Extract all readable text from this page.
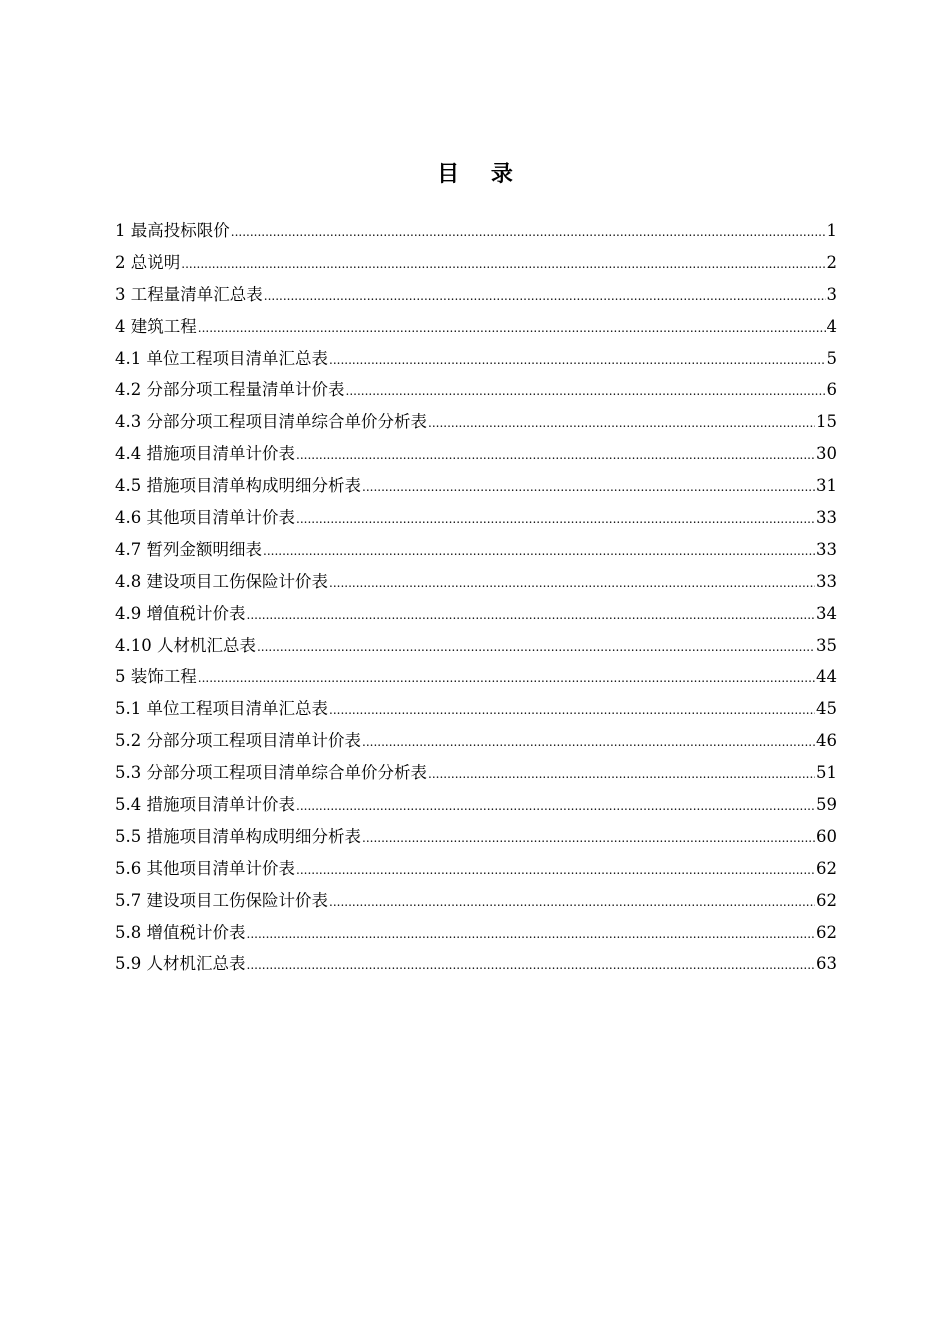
目 录
1 最高投标限价 .....	1
2 总说明 .....	2
3 工程量清单汇总表 .....	3
4 建筑工程 .....	4
4.1 单位工程项目清单汇总表 .....	5
4.2 分部分项工程量清单计价表 .....	6
4.3 分部分项工程项目清单综合单价分析表 .....	15
4.4 措施项目清单计价表 .....	30
4.5 措施项目清单构成明细分析表 .....	31
4.6 其他项目清单计价表 .....	33
4.7 暂列金额明细表 .....	33
4.8 建设项目工伤保险计价表 .....	33
4.9 增值税计价表 .....	34
4.10 人材机汇总表 .....	35
5 装饰工程 .....	44
5.1 单位工程项目清单汇总表 .....	45
5.2 分部分项工程项目清单计价表 .....	46
5.3 分部分项工程项目清单综合单价分析表 .....	51
5.4 措施项目清单计价表 .....	59
5.5 措施项目清单构成明细分析表 .....	60
5.6 其他项目清单计价表 .....	62
5.7 建设项目工伤保险计价表 .....	62
5.8 增值税计价表 .....	62
5.9 人材机汇总表 .....	63
